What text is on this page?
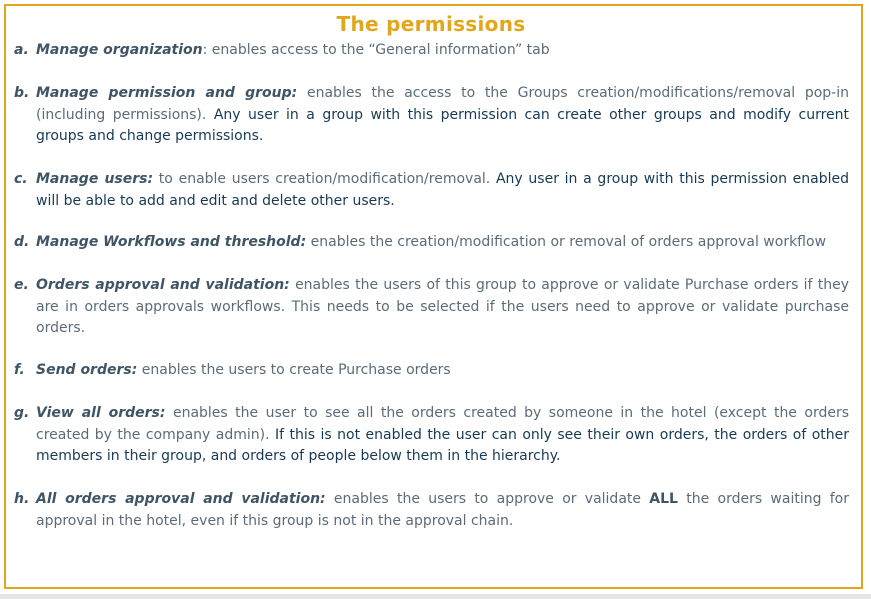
The permissions
a. Manage organization: enables access to the “General information” tab
b. Manage permission and group: enables the access to the Groups creation/modifications/removal pop-in (including permissions). Any user in a group with this permission can create other groups and modify current groups and change permissions.
c. Manage users: to enable users creation/modification/removal. Any user in a group with this permission enabled will be able to add and edit and delete other users.
d. Manage Workflows and threshold: enables the creation/modification or removal of orders approval workflow
e. Orders approval and validation: enables the users of this group to approve or validate Purchase orders if they are in orders approvals workflows. This needs to be selected if the users need to approve or validate purchase orders.
f. Send orders: enables the users to create Purchase orders
g. View all orders: enables the user to see all the orders created by someone in the hotel (except the orders created by the company admin). If this is not enabled the user can only see their own orders, the orders of other members in their group, and orders of people below them in the hierarchy.
h. All orders approval and validation: enables the users to approve or validate ALL the orders waiting for approval in the hotel, even if this group is not in the approval chain.
